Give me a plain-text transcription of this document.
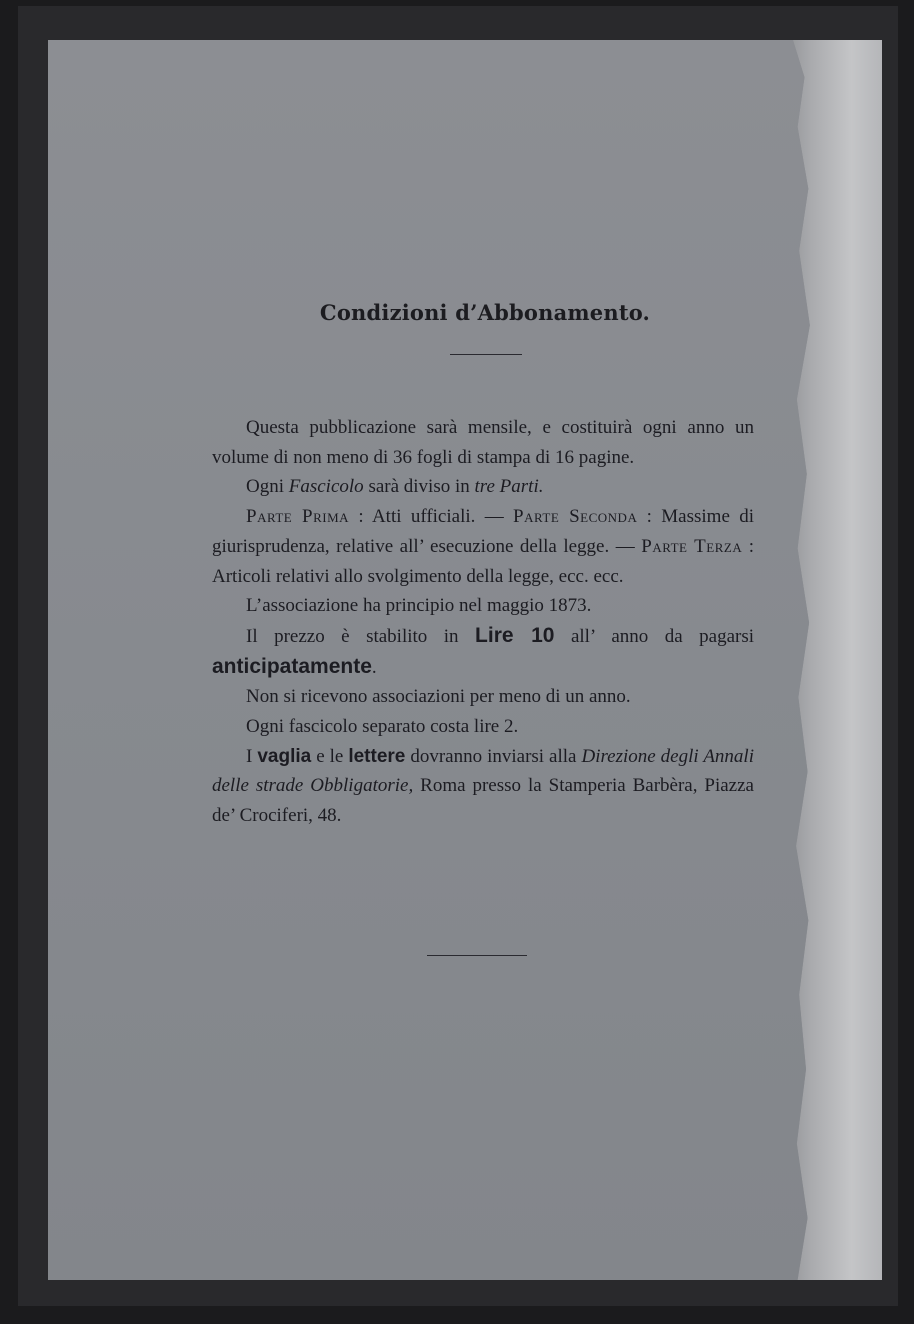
Condizioni d’Abbonamento.

Questa pubblicazione sarà mensile, e costituirà ogni anno un volume di non meno di 36 fogli di stampa di 16 pagine.

Ogni Fascicolo sarà diviso in tre Parti.

Parte Prima : Atti ufficiali. — Parte Seconda : Massime di giurisprudenza, relative all’ esecuzione della legge. — Parte Terza : Articoli relativi allo svolgimento della legge, ecc. ecc.

L’associazione ha principio nel maggio 1873.

Il prezzo è stabilito in Lire 10 all’ anno da pagarsi anticipatamente.

Non si ricevono associazioni per meno di un anno.

Ogni fascicolo separato costa lire 2.

I vaglia e le lettere dovranno inviarsi alla Direzione degli Annali delle strade Obbligatorie, Roma presso la Stamperia Barbèra, Piazza de’ Crociferi, 48.
